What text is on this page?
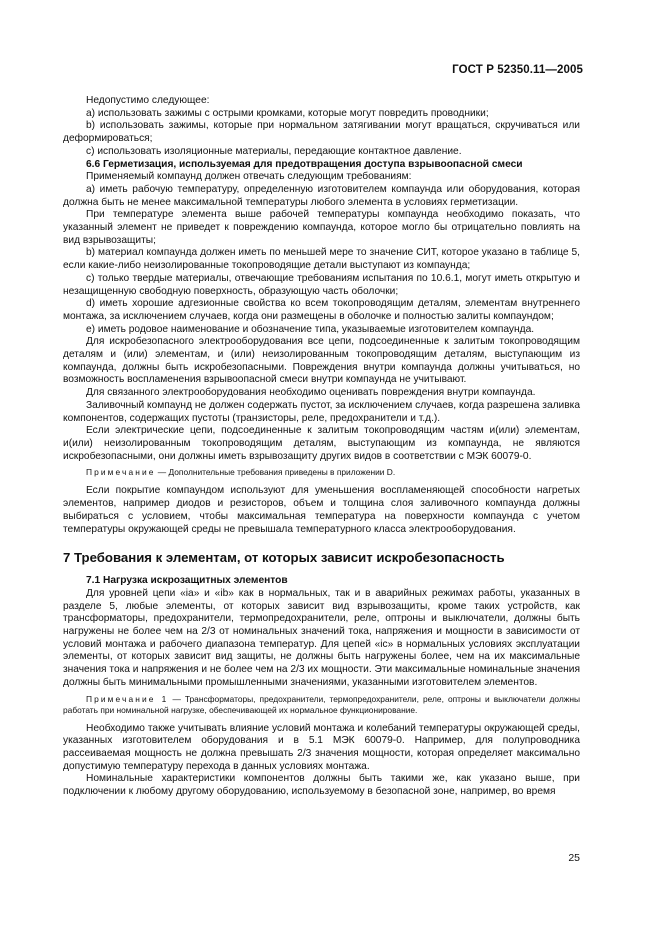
ГОСТ Р 52350.11—2005

Недопустимо следующее:

a) использовать зажимы с острыми кромками, которые могут повредить проводники;

b) использовать зажимы, которые при нормальном затягивании могут вращаться, скручиваться или деформироваться;

c) использовать изоляционные материалы, передающие контактное давление.

6.6 Герметизация, используемая для предотвращения доступа взрывоопасной смеси

Применяемый компаунд должен отвечать следующим требованиям:

a) иметь рабочую температуру, определенную изготовителем компаунда или оборудования, которая должна быть не менее максимальной температуры любого элемента в условиях герметизации.

При температуре элемента выше рабочей температуры компаунда необходимо показать, что указанный элемент не приведет к повреждению компаунда, которое могло бы отрицательно повлиять на вид взрывозащиты;

b) материал компаунда должен иметь по меньшей мере то значение СИТ, которое указано в таблице 5, если какие-либо неизолированные токопроводящие детали выступают из компаунда;

c) только твердые материалы, отвечающие требованиям испытания по 10.6.1, могут иметь открытую и незащищенную свободную поверхность, образующую часть оболочки;

d) иметь хорошие адгезионные свойства ко всем токопроводящим деталям, элементам внутреннего монтажа, за исключением случаев, когда они размещены в оболочке и полностью залиты компаундом;

e) иметь родовое наименование и обозначение типа, указываемые изготовителем компаунда.

Для искробезопасного электрооборудования все цепи, подсоединенные к залитым токопроводящим деталям и (или) элементам, и (или) неизолированным токопроводящим деталям, выступающим из компаунда, должны быть искробезопасными. Повреждения внутри компаунда должны учитываться, но возможность воспламенения взрывоопасной смеси внутри компаунда не учитывают.

Для связанного электрооборудования необходимо оценивать повреждения внутри компаунда.

Заливочный компаунд не должен содержать пустот, за исключением случаев, когда разрешена заливка компонентов, содержащих пустоты (транзисторы, реле, предохранители и т.д.).

Если электрические цепи, подсоединенные к залитым токопроводящим частям и(или) элементам, и(или) неизолированным токопроводящим деталям, выступающим из компаунда, не являются искробезопасными, они должны иметь взрывозащиту других видов в соответствии с МЭК 60079-0.

Примечание — Дополнительные требования приведены в приложении D.

Если покрытие компаундом используют для уменьшения воспламеняющей способности нагретых элементов, например диодов и резисторов, объем и толщина слоя заливочного компаунда должны выбираться с условием, чтобы максимальная температура на поверхности компаунда с учетом температуры окружающей среды не превышала температурного класса электрооборудования.

7 Требования к элементам, от которых зависит искробезопасность

7.1 Нагрузка искрозащитных элементов

Для уровней цепи «ia» и «ib» как в нормальных, так и в аварийных режимах работы, указанных в разделе 5, любые элементы, от которых зависит вид взрывозащиты, кроме таких устройств, как трансформаторы, предохранители, термопредохранители, реле, оптроны и выключатели, должны быть нагружены не более чем на 2/3 от номинальных значений тока, напряжения и мощности в зависимости от условий монтажа и рабочего диапазона температур. Для цепей «ic» в нормальных условиях эксплуатации элементы, от которых зависит вид защиты, не должны быть нагружены более, чем на их максимальные значения тока и напряжения и не более чем на 2/3 их мощности. Эти максимальные номинальные значения должны быть минимальными промышленными значениями, указанными изготовителем элементов.

Примечание 1 — Трансформаторы, предохранители, термопредохранители, реле, оптроны и выключатели должны работать при номинальной нагрузке, обеспечивающей их нормальное функционирование.

Необходимо также учитывать влияние условий монтажа и колебаний температуры окружающей среды, указанных изготовителем оборудования и в 5.1 МЭК 60079-0. Например, для полупроводника рассеиваемая мощность не должна превышать 2/3 значения мощности, которая определяет максимально допустимую температуру перехода в данных условиях монтажа.

Номинальные характеристики компонентов должны быть такими же, как указано выше, при подключении к любому другому оборудованию, используемому в безопасной зоне, например, во время

25
